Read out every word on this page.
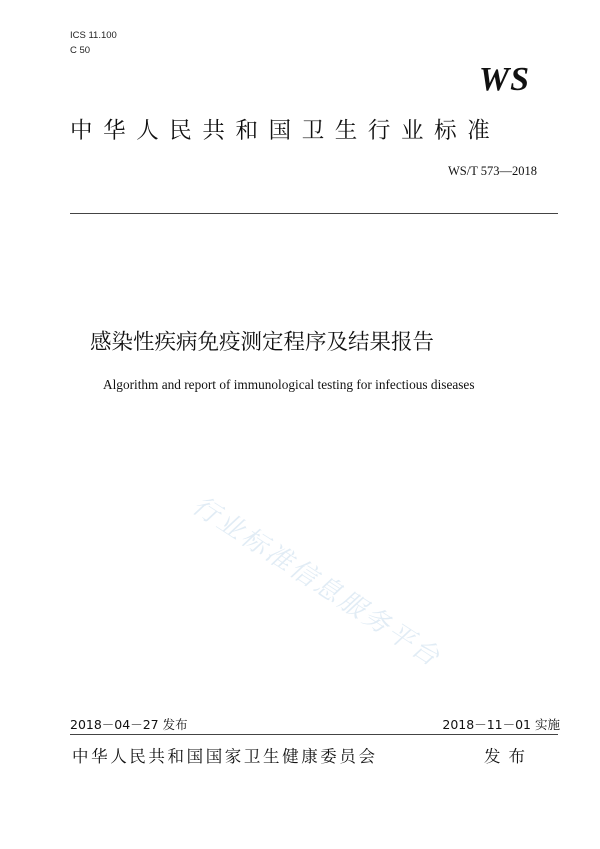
ICS 11.100
C 50
WS
中华人民共和国卫生行业标准
WS/T 573—2018
感染性疾病免疫测定程序及结果报告
Algorithm and report of immunological testing for infectious diseases
行业标准信息服务平台
2018－04－27 发布	2018－11－01 实施
中华人民共和国国家卫生健康委员会	发布
